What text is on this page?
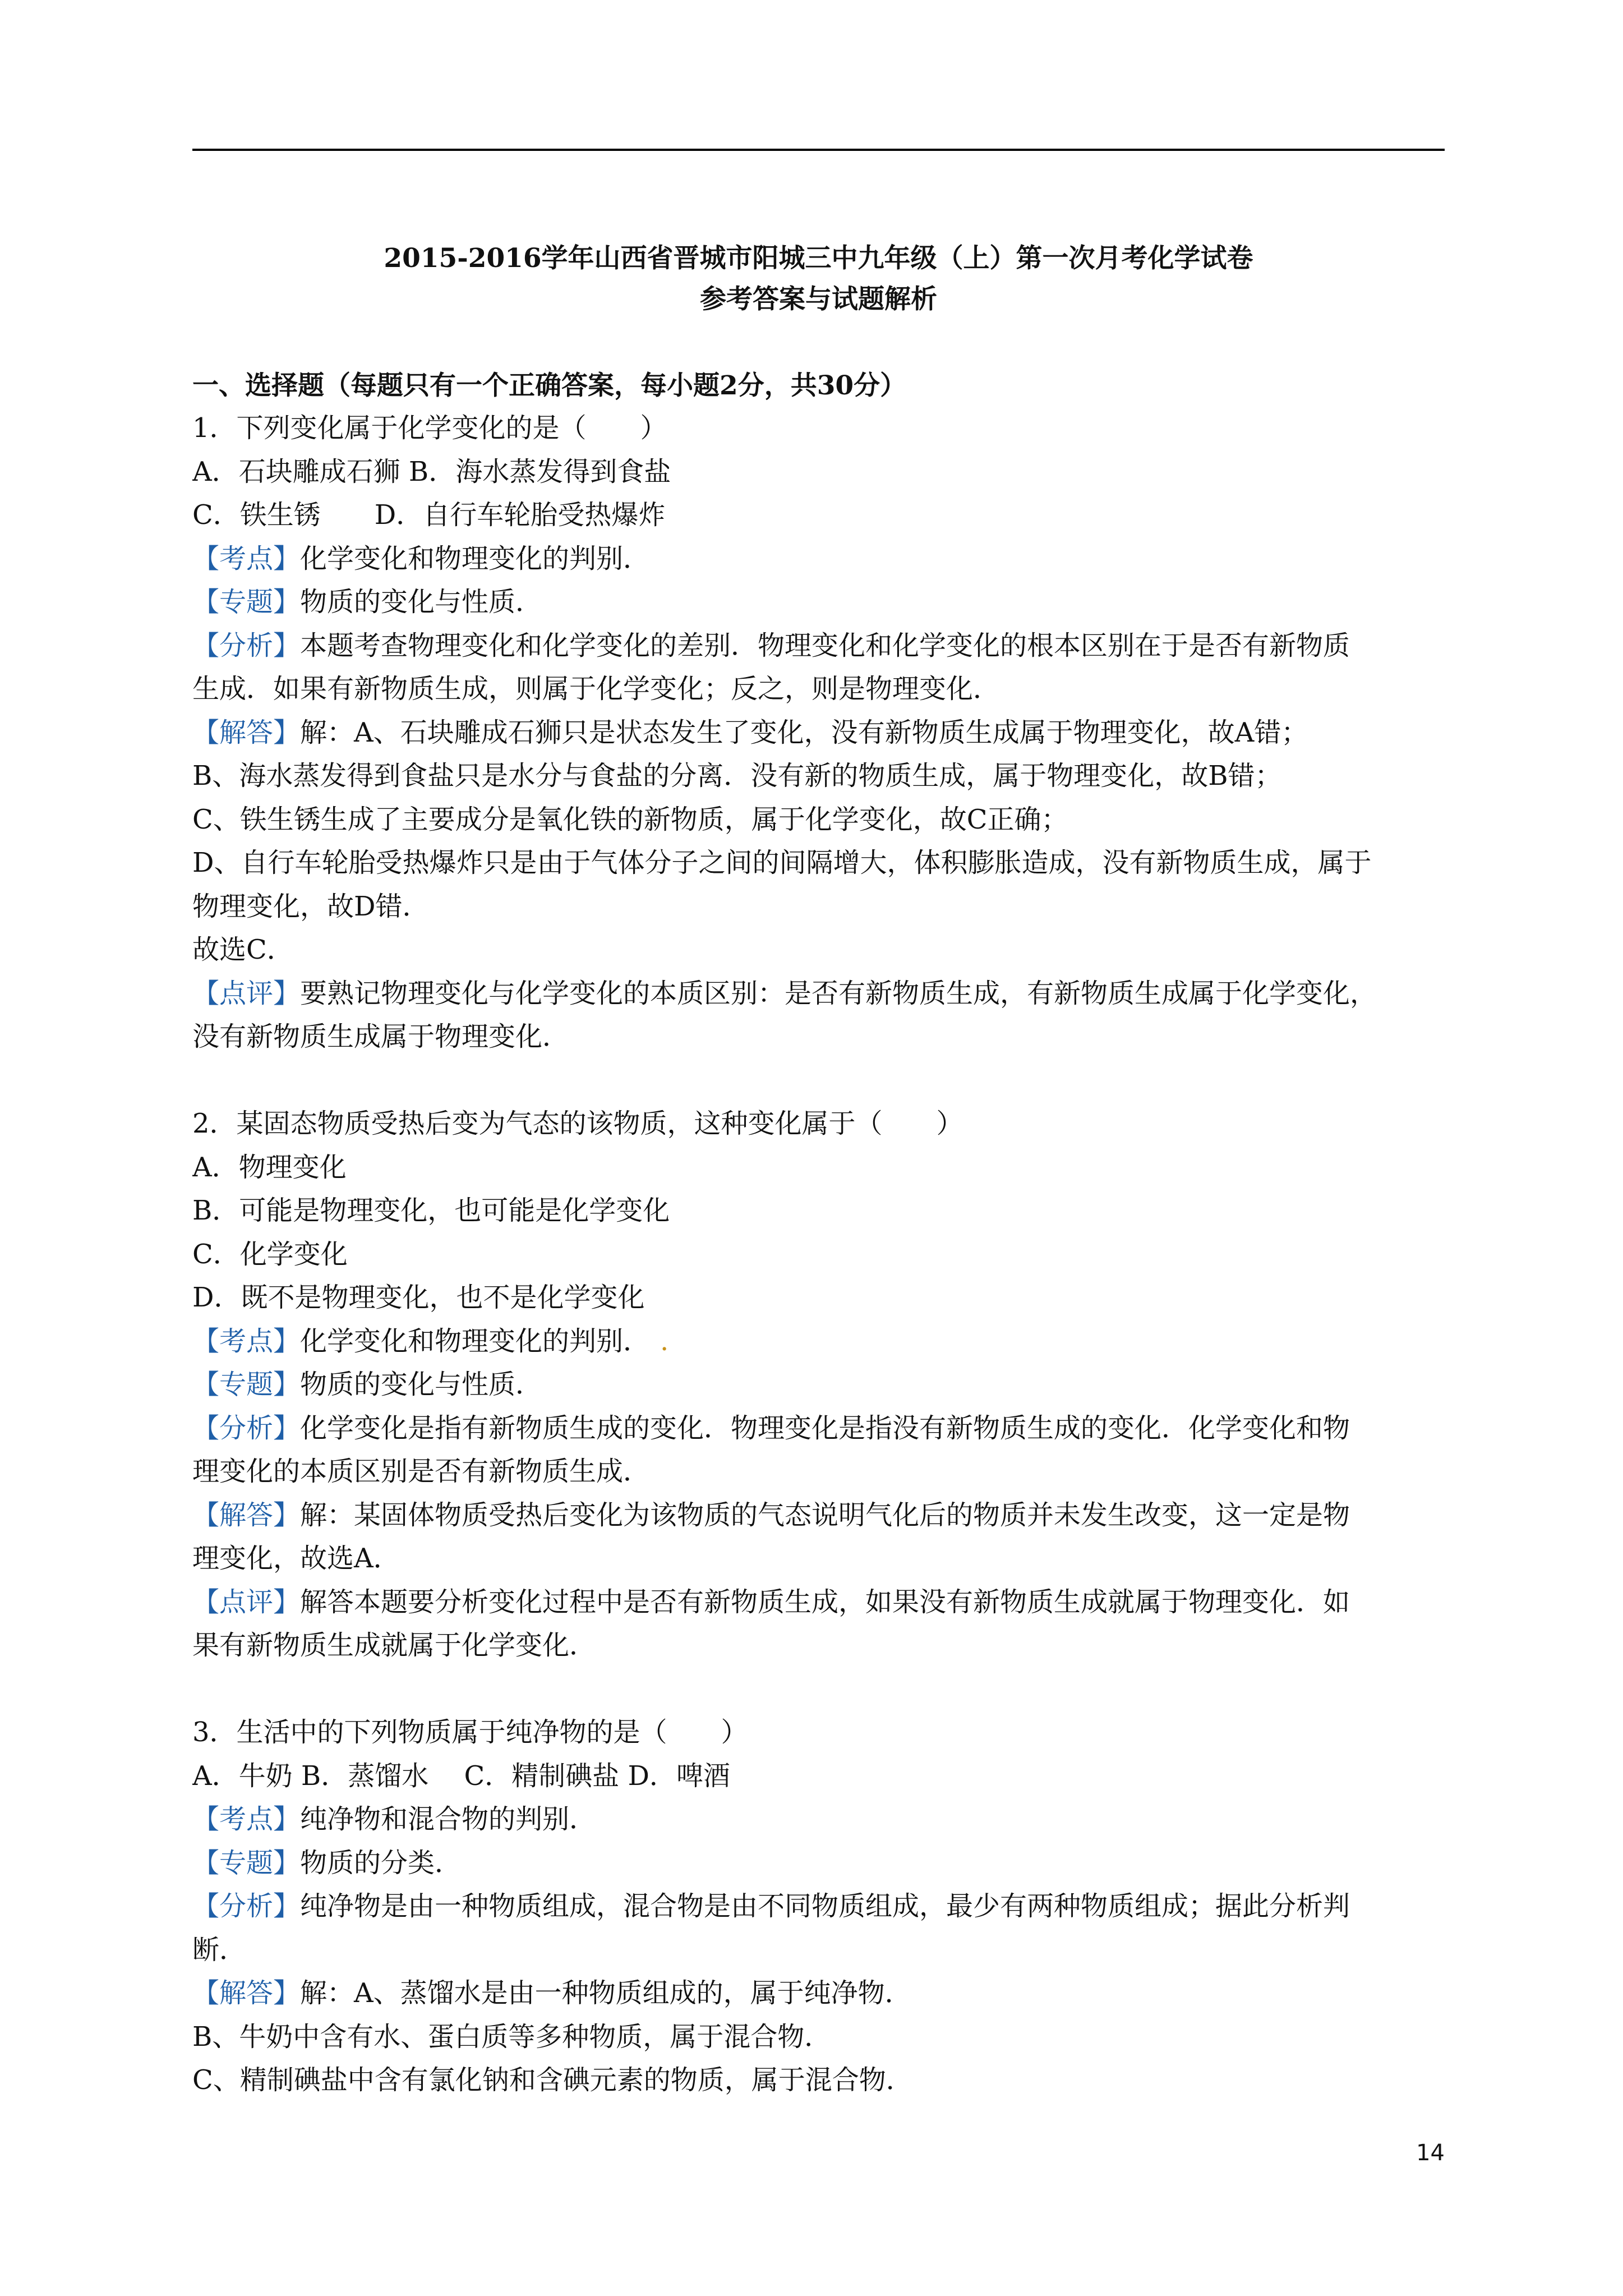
2015-2016学年山西省晋城市阳城三中九年级（上）第一次月考化学试卷
参考答案与试题解析
一、选择题（每题只有一个正确答案，每小题2分，共30分）
1．下列变化属于化学变化的是（　　）
A．石块雕成石狮 B．海水蒸发得到食盐
C．铁生锈　　D．自行车轮胎受热爆炸
【考点】化学变化和物理变化的判别．
【专题】物质的变化与性质．
【分析】本题考查物理变化和化学变化的差别．物理变化和化学变化的根本区别在于是否有新物质
生成．如果有新物质生成，则属于化学变化；反之，则是物理变化．
【解答】解：A、石块雕成石狮只是状态发生了变化，没有新物质生成属于物理变化，故A错；
B、海水蒸发得到食盐只是水分与食盐的分离．没有新的物质生成，属于物理变化，故B错；
C、铁生锈生成了主要成分是氧化铁的新物质，属于化学变化，故C正确；
D、自行车轮胎受热爆炸只是由于气体分子之间的间隔增大，体积膨胀造成，没有新物质生成，属于
物理变化，故D错．
故选C．
【点评】要熟记物理变化与化学变化的本质区别：是否有新物质生成，有新物质生成属于化学变化，
没有新物质生成属于物理变化．
2．某固态物质受热后变为气态的该物质，这种变化属于（　　）
A．物理变化
B．可能是物理变化，也可能是化学变化
C．化学变化
D．既不是物理变化，也不是化学变化
【考点】化学变化和物理变化的判别． .
【专题】物质的变化与性质．
【分析】化学变化是指有新物质生成的变化．物理变化是指没有新物质生成的变化．化学变化和物
理变化的本质区别是否有新物质生成．
【解答】解：某固体物质受热后变化为该物质的气态说明气化后的物质并未发生改变，这一定是物
理变化，故选A．
【点评】解答本题要分析变化过程中是否有新物质生成，如果没有新物质生成就属于物理变化．如
果有新物质生成就属于化学变化．
3．生活中的下列物质属于纯净物的是（　　）
A．牛奶 B．蒸馏水　 C．精制碘盐 D．啤酒
【考点】纯净物和混合物的判别．
【专题】物质的分类．
【分析】纯净物是由一种物质组成，混合物是由不同物质组成，最少有两种物质组成；据此分析判
断．
【解答】解：A、蒸馏水是由一种物质组成的，属于纯净物．
B、牛奶中含有水、蛋白质等多种物质，属于混合物．
C、精制碘盐中含有氯化钠和含碘元素的物质，属于混合物．
14
